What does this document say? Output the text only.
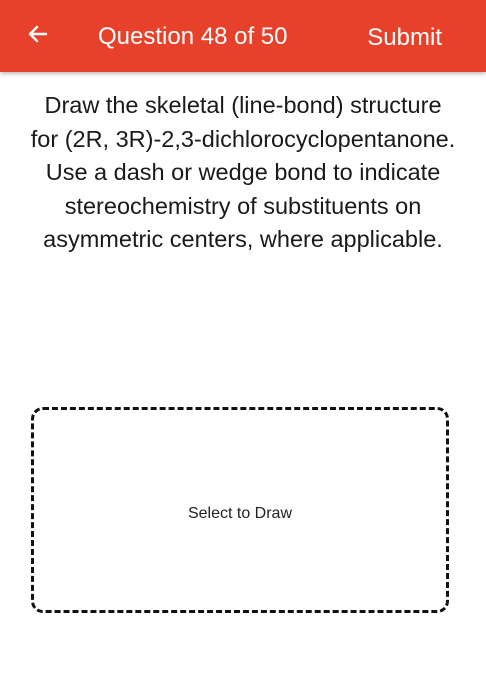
Question 48 of 50	Submit
Draw the skeletal (line-bond) structure for (2R, 3R)-2,3-dichlorocyclopentanone. Use a dash or wedge bond to indicate stereochemistry of substituents on asymmetric centers, where applicable.
Select to Draw
